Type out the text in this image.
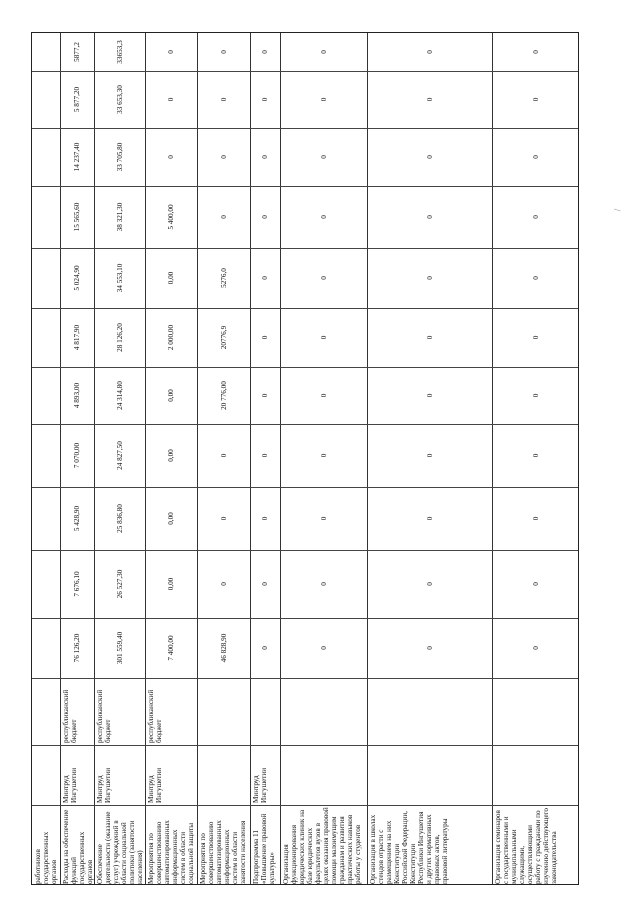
работников государственных органов Расходы на обеспечение функций государственных органов
Минтруд Ингушетии
республиканский бюджет
76 126,20
7 676,10
5 428,90
7 070,00
4 893,00
4 817,90
5 024,90
15 565,60
14 237,40
5 877,20
5877,2
Обеспечение деятельности (оказание услуг) учреждений в области социальной политики (занятости населения)
Минтруд Ингушетии
республиканский бюджет
301 559,40
26 527,30
25 836,80
24 827,50
24 314,80
28 126,20
34 553,10
38 321,30
33 705,80
33 653,30
33653,3
Мероприятия по совершенствованию автоматизированных информационных систем в области социальной защиты
Минтруд Ингушетии
республиканский бюджет
7 400,00
0,00
0,00
0,00
0,00
2 000,00
0,00
5 400,00
0
0
0
Мероприятия по совершенствованию автоматизированных информационных систем в области занятости населения
46 828,90
0
0
0
20 776,00
20776,9
5276,0
0
0
0
0
Подпрограмма 11 «Повышение правовой культуры»
Минтруд Ингушетии
0
0
0
0
0
0
0
0
0
0
0
Организация функционирования юридических клиник на базе юридических факультетов вузов в целях оказания правовой помощи малоимущим гражданам и развития практических навыков работы у студентов
0
0
0
0
0
0
0
0
0
0
0
Организация в школах стендов отрасти с размещением на них Конституции Российской Федерации, Конституции Республики Ингушетия и других нормативных правовых актов, правовой литературы
0
0
0
0
0
0
0
0
0
0
0
Организация семинаров с государственными и муниципальными служащими, осуществляющими работу с гражданами по изучению действующего законодательства
0
0
0
0
0
0
0
0
0
0
0
/
